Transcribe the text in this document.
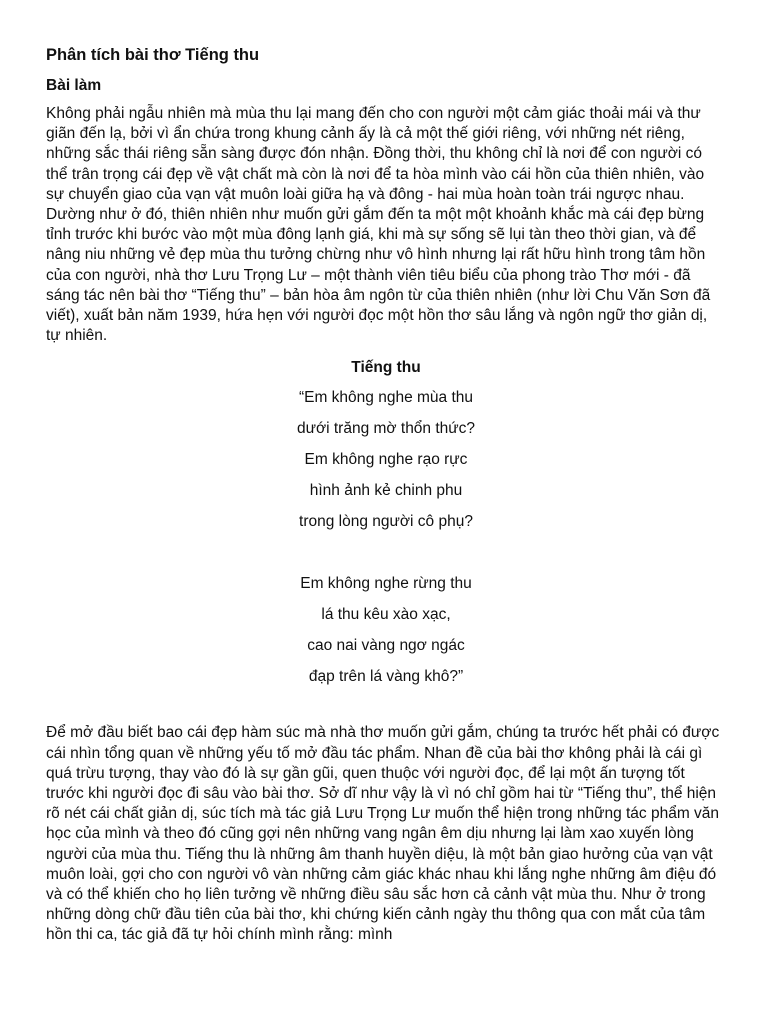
Phân tích bài thơ Tiếng thu
Bài làm

Không phải ngẫu nhiên mà mùa thu lại mang đến cho con người một cảm giác thoải mái và thư giãn đến lạ, bởi vì ẩn chứa trong khung cảnh ấy là cả một thế giới riêng, với những nét riêng, những sắc thái riêng sẵn sàng được đón nhận. Đồng thời, thu không chỉ là nơi để con người có thể trân trọng cái đẹp về vật chất mà còn là nơi để ta hòa mình vào cái hồn của thiên nhiên, vào sự chuyển giao của vạn vật muôn loài giữa hạ và đông - hai mùa hoàn toàn trái ngược nhau. Dường như ở đó, thiên nhiên như muốn gửi gắm đến ta một một khoảnh khắc mà cái đẹp bừng tỉnh trước khi bước vào một mùa đông lạnh giá, khi mà sự sống sẽ lụi tàn theo thời gian, và để nâng niu những vẻ đẹp mùa thu tưởng chừng như vô hình nhưng lại rất hữu hình trong tâm hồn của con người, nhà thơ Lưu Trọng Lư – một thành viên tiêu biểu của phong trào Thơ mới - đã sáng tác nên bài thơ “Tiếng thu” – bản hòa âm ngôn từ của thiên nhiên (như lời Chu Văn Sơn đã viết), xuất bản năm 1939, hứa hẹn với người đọc một hồn thơ sâu lắng và ngôn ngữ thơ giản dị, tự nhiên.

Tiếng thu
“Em không nghe mùa thu
dưới trăng mờ thổn thức?
Em không nghe rạo rực
hình ảnh kẻ chinh phu
trong lòng người cô phụ?
Em không nghe rừng thu
lá thu kêu xào xạc,
cao nai vàng ngơ ngác
đạp trên lá vàng khô?”

Để mở đầu biết bao cái đẹp hàm súc mà nhà thơ muốn gửi gắm, chúng ta trước hết phải có được cái nhìn tổng quan về những yếu tố mở đầu tác phẩm. Nhan đề của bài thơ không phải là cái gì quá trừu tượng, thay vào đó là sự gần gũi, quen thuộc với người đọc, để lại một ấn tượng tốt trước khi người đọc đi sâu vào bài thơ. Sở dĩ như vậy là vì nó chỉ gồm hai từ “Tiếng thu”, thể hiện rõ nét cái chất giản dị, súc tích mà tác giả Lưu Trọng Lư muốn thể hiện trong những tác phẩm văn học của mình và theo đó cũng gợi nên những vang ngân êm dịu nhưng lại làm xao xuyến lòng người của mùa thu. Tiếng thu là những âm thanh huyền diệu, là một bản giao hưởng của vạn vật muôn loài, gợi cho con người vô vàn những cảm giác khác nhau khi lắng nghe những âm điệu đó và có thể khiến cho họ liên tưởng về những điều sâu sắc hơn cả cảnh vật mùa thu. Như ở trong những dòng chữ đầu tiên của bài thơ, khi chứng kiến cảnh ngày thu thông qua con mắt của tâm hồn thi ca, tác giả đã tự hỏi chính mình rằng: mình
